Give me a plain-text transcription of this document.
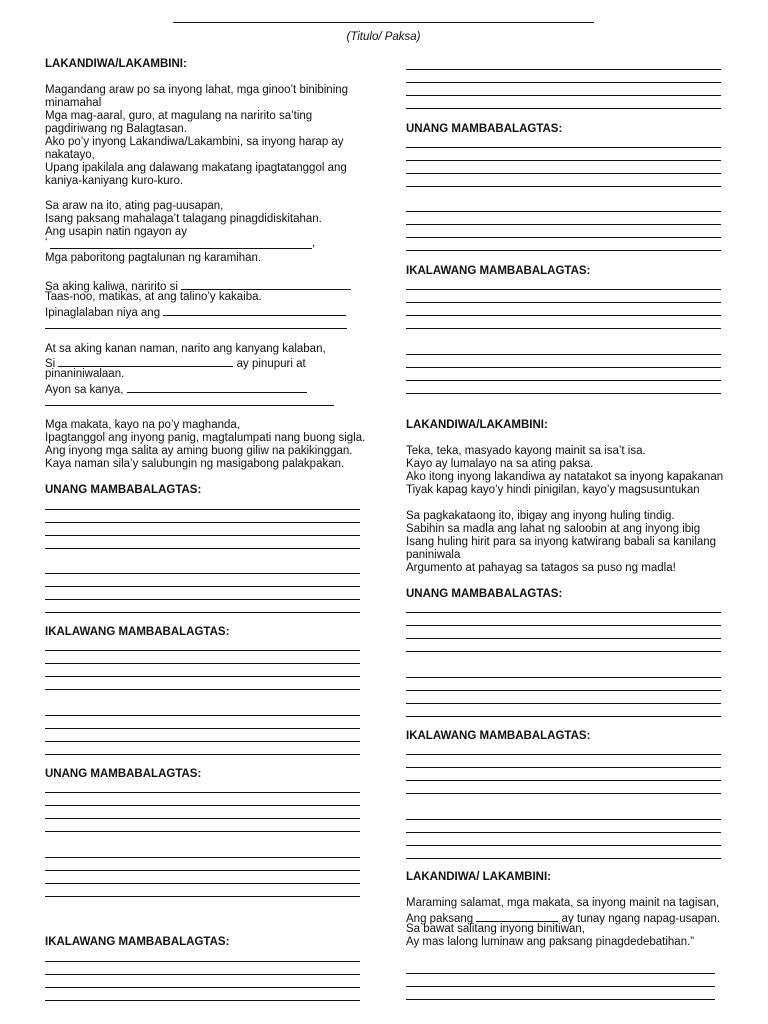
(Titulo/ Paksa)
LAKANDIWA/LAKAMBINI:
Magandang araw po sa inyong lahat, mga ginoo’t binibining
minamahal
Mga mag-aaral, guro, at magulang na naririto sa’ting
pagdiriwang ng Balagtasan.
Ako po’y inyong Lakandiwa/Lakambini, sa inyong harap ay
nakatayo,
Upang ipakilala ang dalawang makatang ipagtatanggol ang
kaniya-kaniyang kuro-kuro.
Sa araw na ito, ating pag-uusapan,
Isang paksang mahalaga’t talagang pinagdidiskitahan.
Ang usapin natin ngayon ay
‘	,
Mga paboritong pagtalunan ng karamihan.
Sa aking kaliwa, naririto si
Taas-noo, matikas, at ang talino’y kakaiba.
Ipinaglalaban niya ang
At sa aking kanan naman, narito ang kanyang kalaban,
Si	ay pinupuri at
pinaniniwalaan.
Ayon sa kanya,
Mga makata, kayo na po’y maghanda,
Ipagtanggol ang inyong panig, magtalumpati nang buong sigla.
Ang inyong mga salita ay aming buong giliw na pakikinggan.
Kaya naman sila’y salubungin ng masigabong palakpakan.
UNANG MAMBABALAGTAS:
IKALAWANG MAMBABALAGTAS:
UNANG MAMBABALAGTAS:
IKALAWANG MAMBABALAGTAS:
UNANG MAMBABALAGTAS:
IKALAWANG MAMBABALAGTAS:
LAKANDIWA/LAKAMBINI:
Teka, teka, masyado kayong mainit sa isa’t isa.
Kayo ay lumalayo na sa ating paksa.
Ako itong inyong lakandiwa ay natatakot sa inyong kapakanan
Tiyak kapag kayo’y hindi pinigilan, kayo’y magsusuntukan
Sa pagkakataong ito, ibigay ang inyong huling tindig.
Sabihin sa madla ang lahat ng saloobin at ang inyong ibig
Isang huling hirit para sa inyong katwirang babali sa kanilang
paniniwala
Argumento at pahayag sa tatagos sa puso ng madla!
UNANG MAMBABALAGTAS:
IKALAWANG MAMBABALAGTAS:
LAKANDIWA/ LAKAMBINI:
Maraming salamat, mga makata, sa inyong mainit na tagisan,
Ang paksang	ay tunay ngang napag-usapan.
Sa bawat salitang inyong binitiwan,
Ay mas lalong luminaw ang paksang pinagdedebatihan.”
